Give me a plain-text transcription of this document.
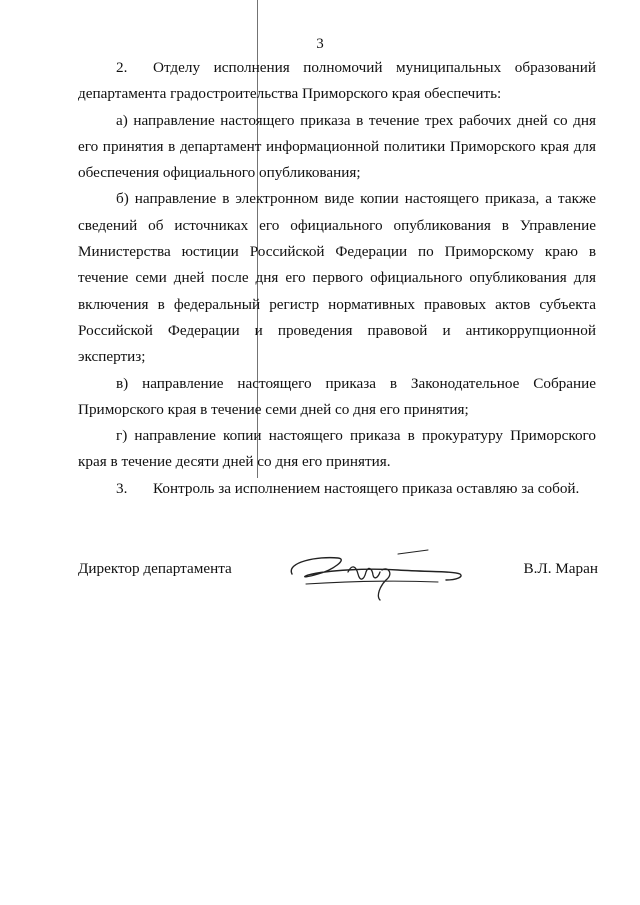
3

2. Отделу исполнения полномочий муниципальных образований департамента градостроительства Приморского края обеспечить:

а) направление настоящего приказа в течение трех рабочих дней со дня его принятия в департамент информационной политики Приморского края для обеспечения официального опубликования;

б) направление в электронном виде копии настоящего приказа, а также сведений об источниках его официального опубликования в Управление Министерства юстиции Российской Федерации по Приморскому краю в течение семи дней после дня его первого официального опубликования для включения в федеральный регистр нормативных правовых актов субъекта Российской Федерации и проведения правовой и антикоррупционной экспертиз;

в) направление настоящего приказа в Законодательное Собрание Приморского края в течение семи дней со дня его принятия;

г) направление копии настоящего приказа в прокуратуру Приморского края в течение десяти дней со дня его принятия.

3. Контроль за исполнением настоящего приказа оставляю за собой.

Директор департамента	В.Л. Маран
